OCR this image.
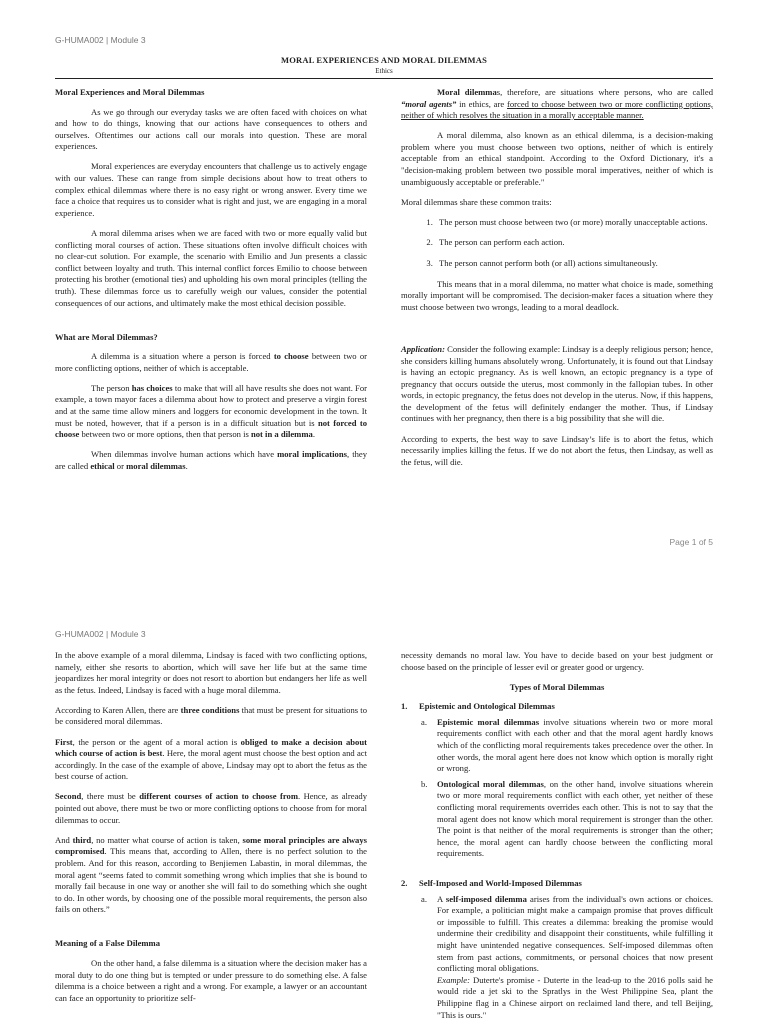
G-HUMA002 | Module 3
MORAL EXPERIENCES AND MORAL DILEMMAS
Ethics
Moral Experiences and Moral Dilemmas

As we go through our everyday tasks we are often faced with choices on what and how to do things, knowing that our actions have consequences to others and ourselves. Oftentimes our actions call our morals into question. These are moral experiences.

Moral experiences are everyday encounters that challenge us to actively engage with our values. These can range from simple decisions about how to treat others to complex ethical dilemmas where there is no easy right or wrong answer. Every time we face a choice that requires us to consider what is right and just, we are engaging in a moral experience.

A moral dilemma arises when we are faced with two or more equally valid but conflicting moral courses of action. These situations often involve difficult choices with no clear-cut solution. For example, the scenario with Emilio and Jun presents a classic conflict between loyalty and truth. This internal conflict forces Emilio to choose between protecting his brother (emotional ties) and upholding his own moral principles (telling the truth). These dilemmas force us to carefully weigh our values, consider the potential consequences of our actions, and ultimately make the most ethical decision possible.

What are Moral Dilemmas?

A dilemma is a situation where a person is forced to choose between two or more conflicting options, neither of which is acceptable.

The person has choices to make that will all have results she does not want. For example, a town mayor faces a dilemma about how to protect and preserve a virgin forest and at the same time allow miners and loggers for economic development in the town. It must be noted, however, that if a person is in a difficult situation but is not forced to choose between two or more options, then that person is not in a dilemma.

When dilemmas involve human actions which have moral implications, they are called ethical or moral dilemmas.

Moral dilemmas, therefore, are situations where persons, who are called “moral agents” in ethics, are forced to choose between two or more conflicting options, neither of which resolves the situation in a morally acceptable manner.

A moral dilemma, also known as an ethical dilemma, is a decision-making problem where you must choose between two options, neither of which is entirely acceptable from an ethical standpoint. According to the Oxford Dictionary, it's a "decision-making problem between two possible moral imperatives, neither of which is unambiguously acceptable or preferable."

Moral dilemmas share these common traits:

1. The person must choose between two (or more) morally unacceptable actions.
2. The person can perform each action.
3. The person cannot perform both (or all) actions simultaneously.

This means that in a moral dilemma, no matter what choice is made, something morally important will be compromised. The decision-maker faces a situation where they must choose between two wrongs, leading to a moral deadlock.

Application: Consider the following example: Lindsay is a deeply religious person; hence, she considers killing humans absolutely wrong. Unfortunately, it is found out that Lindsay is having an ectopic pregnancy. As is well known, an ectopic pregnancy is a type of pregnancy that occurs outside the uterus, most commonly in the fallopian tubes. In other words, in ectopic pregnancy, the fetus does not develop in the uterus. Now, if this happens, the development of the fetus will definitely endanger the mother. Thus, if Lindsay continues with her pregnancy, then there is a big possibility that she will die.

According to experts, the best way to save Lindsay’s life is to abort the fetus, which necessarily implies killing the fetus. If we do not abort the fetus, then Lindsay, as well as the fetus, will die.

Page 1 of 5
G-HUMA002 | Module 3

In the above example of a moral dilemma, Lindsay is faced with two conflicting options, namely, either she resorts to abortion, which will save her life but at the same time jeopardizes her moral integrity or does not resort to abortion but endangers her life as well as the fetus. Indeed, Lindsay is faced with a huge moral dilemma.

According to Karen Allen, there are three conditions that must be present for situations to be considered moral dilemmas.

First, the person or the agent of a moral action is obliged to make a decision about which course of action is best. Here, the moral agent must choose the best option and act accordingly. In the case of the example of above, Lindsay may opt to abort the fetus as the best course of action.

Second, there must be different courses of action to choose from. Hence, as already pointed out above, there must be two or more conflicting options to choose from for moral dilemmas to occur.

And third, no matter what course of action is taken, some moral principles are always compromised. This means that, according to Allen, there is no perfect solution to the problem. And for this reason, according to Benjiemen Labastin, in moral dilemmas, the moral agent “seems fated to commit something wrong which implies that she is bound to morally fail because in one way or another she will fail to do something which she ought to do. In other words, by choosing one of the possible moral requirements, the person also fails on others.”

Meaning of a False Dilemma

On the other hand, a false dilemma is a situation where the decision maker has a moral duty to do one thing but is tempted or under pressure to do something else. A false dilemma is a choice between a right and a wrong. For example, a lawyer or an accountant can face an opportunity to prioritize self-

necessity demands no moral law. You have to decide based on your best judgment or choose based on the principle of lesser evil or greater good or urgency.

Types of Moral Dilemmas
1. Epistemic and Ontological Dilemmas
a.	Epistemic moral dilemmas involve situations wherein two or more moral requirements conflict with each other and that the moral agent hardly knows which of the conflicting moral requirements takes precedence over the other. In other words, the moral agent here does not know which option is morally right or wrong.
b.	Ontological moral dilemmas, on the other hand, involve situations wherein two or more moral requirements conflict with each other, yet neither of these conflicting moral requirements overrides each other. This is not to say that the moral agent does not know which moral requirement is stronger than the other. The point is that neither of the moral requirements is stronger than the other; hence, the moral agent can hardly choose between the conflicting moral requirements.
2. Self-Imposed and World-Imposed Dilemmas
a.	A self-imposed dilemma arises from the individual's own actions or choices. For example, a politician might make a campaign promise that proves difficult or impossible to fulfill. This creates a dilemma: breaking the promise would undermine their credibility and disappoint their constituents, while fulfilling it might have unintended negative consequences. Self-imposed dilemmas often stem from past actions, commitments, or personal choices that now present conflicting moral obligations.
Example: Duterte's promise - Duterte in the lead-up to the 2016 polls said he would ride a jet ski to the Spratlys in the West Philippine Sea, plant the Philippine flag in a Chinese airport on reclaimed land there, and tell Beijing, "This is ours."
